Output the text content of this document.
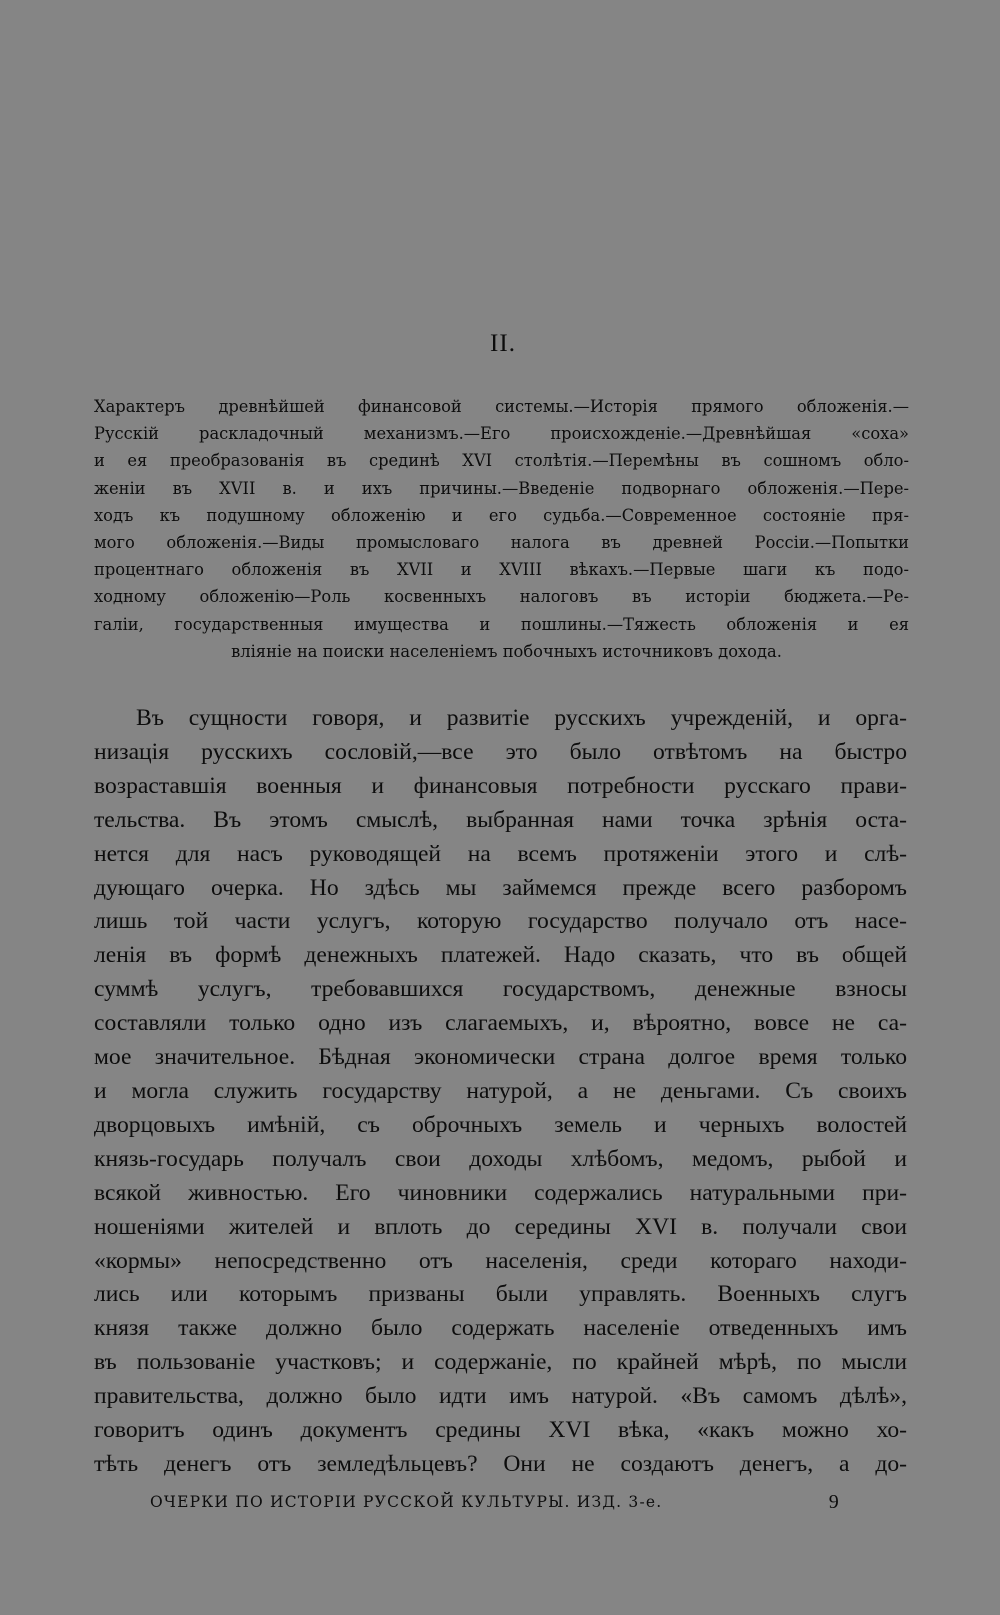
II.
Характеръ древнѣйшей финансовой системы.—Исторія прямого обложенія.—
Русскій раскладочный механизмъ.—Его происхожденіе.—Древнѣйшая «соха»
и ея преобразованія въ срединѣ XVI столѣтія.—Перемѣны въ сошномъ обло-
женіи въ XVII в. и ихъ причины.—Введеніе подворнаго обложенія.—Пере-
ходъ къ подушному обложенію и его судьба.—Современное состояніе пря-
мого обложенія.—Виды промысловаго налога въ древней Россіи.—Попытки
процентнаго обложенія въ XVII и XVIII вѣкахъ.—Первые шаги къ подо-
ходному обложенію—Роль косвенныхъ налоговъ въ исторіи бюджета.—Ре-
галіи, государственныя имущества и пошлины.—Тяжесть обложенія и ея
вліяніе на поиски населеніемъ побочныхъ источниковъ дохода.
Въ сущности говоря, и развитіе русскихъ учрежденій, и орга-
низація русскихъ сословій,—все это было отвѣтомъ на быстро
возраставшія военныя и финансовыя потребности русскаго прави-
тельства. Въ этомъ смыслѣ, выбранная нами точка зрѣнія оста-
нется для насъ руководящей на всемъ протяженіи этого и слѣ-
дующаго очерка. Но здѣсь мы займемся прежде всего разборомъ
лишь той части услугъ, которую государство получало отъ насе-
ленія въ формѣ денежныхъ платежей. Надо сказать, что въ общей
суммѣ услугъ, требовавшихся государствомъ, денежные взносы
составляли только одно изъ слагаемыхъ, и, вѣроятно, вовсе не са-
мое значительное. Бѣдная экономически страна долгое время только
и могла служить государству натурой, а не деньгами. Съ своихъ
дворцовыхъ имѣній, съ оброчныхъ земель и черныхъ волостей
князь-государь получалъ свои доходы хлѣбомъ, медомъ, рыбой и
всякой живностью. Его чиновники содержались натуральными при-
ношеніями жителей и вплоть до середины XVI в. получали свои
«кормы» непосредственно отъ населенія, среди котораго находи-
лись или которымъ призваны были управлять. Военныхъ слугъ
князя также должно было содержать населеніе отведенныхъ имъ
въ пользованіе участковъ; и содержаніе, по крайней мѣрѣ, по мысли
правительства, должно было идти имъ натурой. «Въ самомъ дѣлѣ»,
говоритъ одинъ документъ средины XVI вѣка, «какъ можно хо-
тѣть денегъ отъ земледѣльцевъ? Они не создаютъ денегъ, а до-
ОЧЕРКИ ПО ИСТОРІИ РУССКОЙ КУЛЬТУРЫ. ИЗД. 3-е.	9
